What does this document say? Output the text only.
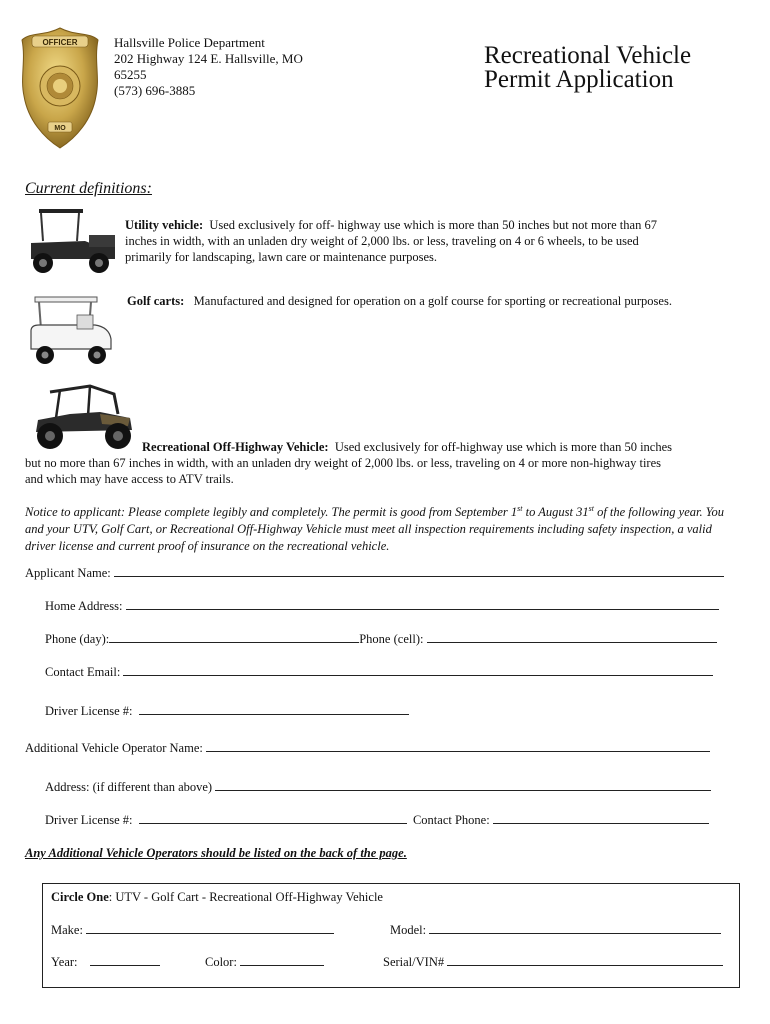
OFFICER
MO
Hallsville Police Department
202 Highway 124 E. Hallsville, MO
65255
(573) 696-3885
Recreational Vehicle
Permit Application
Current definitions:
Utility vehicle: Used exclusively for off- highway use which is more than 50 inches but not more than 67
inches in width, with an unladen dry weight of 2,000 lbs. or less, traveling on 4 or 6 wheels, to be used
primarily for landscaping, lawn care or maintenance purposes.
Golf carts: Manufactured and designed for operation on a golf course for sporting or recreational purposes.
Recreational Off-Highway Vehicle: Used exclusively for off-highway use which is more than 50 inches
but no more than 67 inches in width, with an unladen dry weight of 2,000 lbs. or less, traveling on 4 or more non-highway tires
and which may have access to ATV trails.
Notice to applicant: Please complete legibly and completely. The permit is good from September 1st to August 31st of the following year. You and your UTV, Golf Cart, or Recreational Off-Highway Vehicle must meet all inspection requirements including safety inspection, a valid driver license and current proof of insurance on the recreational vehicle.
Applicant Name:
Home Address:
Phone (day):	Phone (cell):
Contact Email:
Driver License #:
Additional Vehicle Operator Name:
Address: (if different than above)
Driver License #:	Contact Phone:
Any Additional Vehicle Operators should be listed on the back of the page.
Circle One: UTV - Golf Cart - Recreational Off-Highway Vehicle
Make:	Model:
Year:	Color:	Serial/VIN#
